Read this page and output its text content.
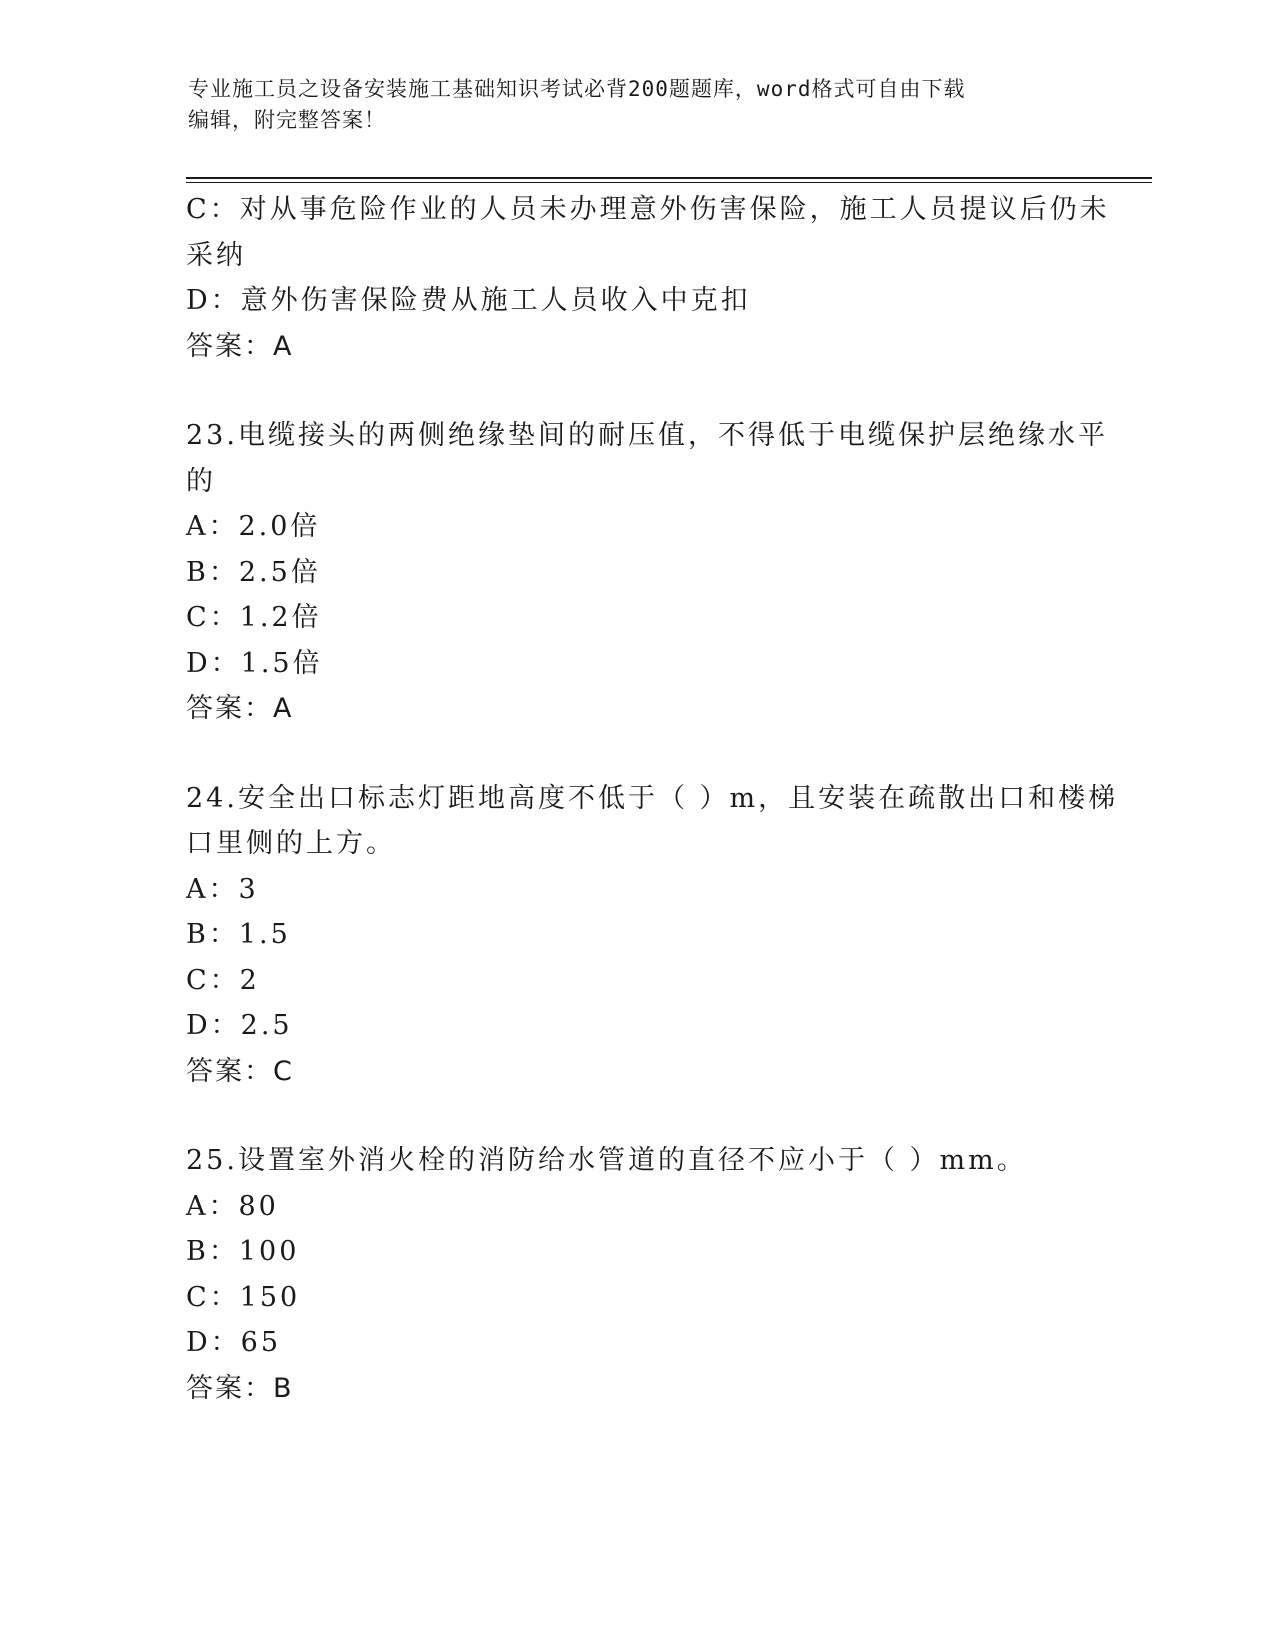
专业施工员之设备安装施工基础知识考试必背200题题库，word格式可自由下载
编辑，附完整答案！
C：对从事危险作业的人员未办理意外伤害保险，施工人员提议后仍未
采纳
D：意外伤害保险费从施工人员收入中克扣
答案：A
23.电缆接头的两侧绝缘垫间的耐压值，不得低于电缆保护层绝缘水平
的
A：2.0倍
B：2.5倍
C：1.2倍
D：1.5倍
答案：A
24.安全出口标志灯距地高度不低于（ ）m，且安装在疏散出口和楼梯
口里侧的上方。
A：3
B：1.5
C：2
D：2.5
答案：C
25.设置室外消火栓的消防给水管道的直径不应小于（ ）mm。
A：80
B：100
C：150
D：65
答案：B
